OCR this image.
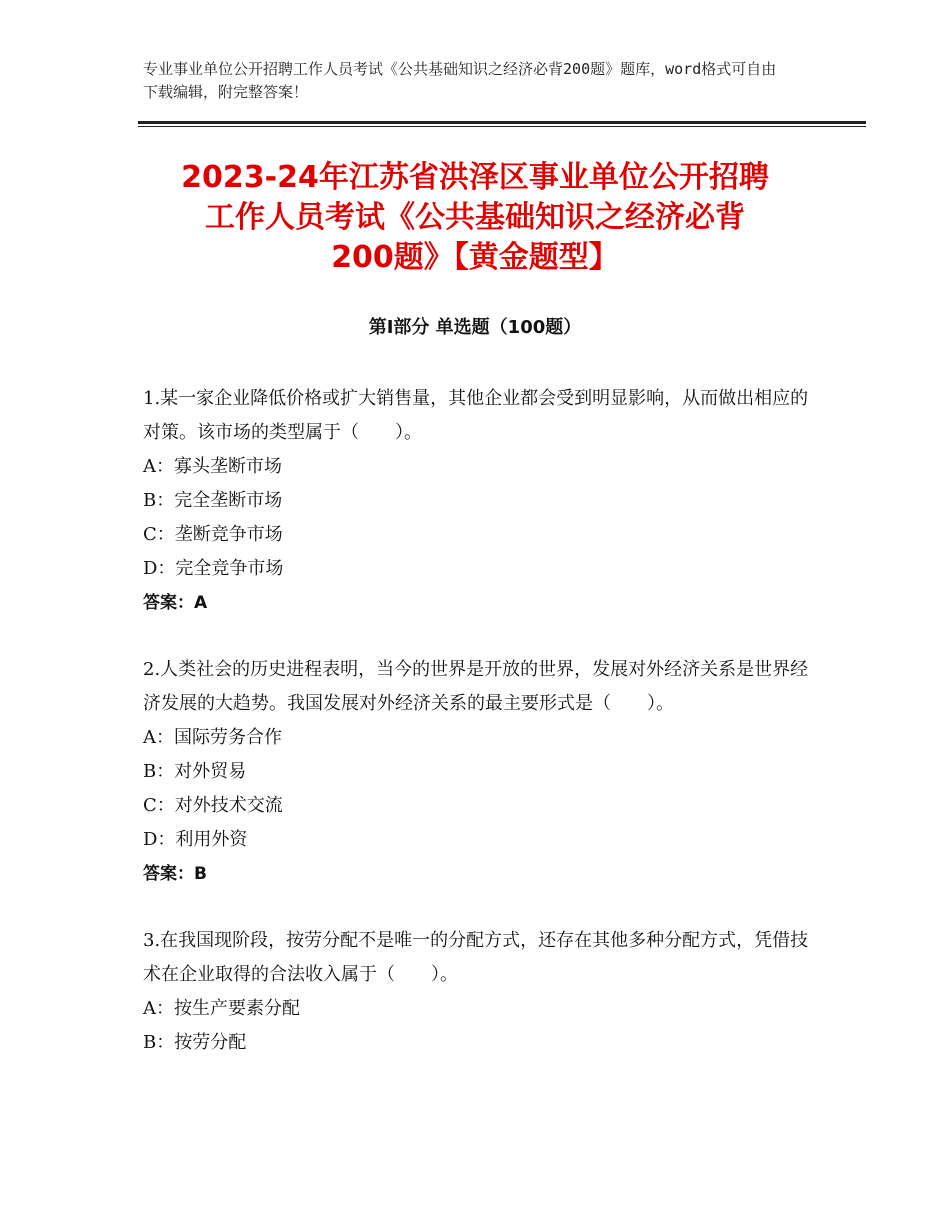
专业事业单位公开招聘工作人员考试《公共基础知识之经济必背200题》题库，word格式可自由下载编辑，附完整答案！
2023-24年江苏省洪泽区事业单位公开招聘
工作人员考试《公共基础知识之经济必背
200题》【黄金题型】
第Ⅰ部分 单选题（100题）

1.某一家企业降低价格或扩大销售量，其他企业都会受到明显影响，从而做出相应的对策。该市场的类型属于（　　）。

A：寡头垄断市场

B：完全垄断市场

C：垄断竞争市场

D：完全竞争市场

答案：A

2.人类社会的历史进程表明，当今的世界是开放的世界，发展对外经济关系是世界经济发展的大趋势。我国发展对外经济关系的最主要形式是（　　）。

A：国际劳务合作

B：对外贸易

C：对外技术交流

D：利用外资

答案：B

3.在我国现阶段，按劳分配不是唯一的分配方式，还存在其他多种分配方式，凭借技术在企业取得的合法收入属于（　　）。

A：按生产要素分配

B：按劳分配
